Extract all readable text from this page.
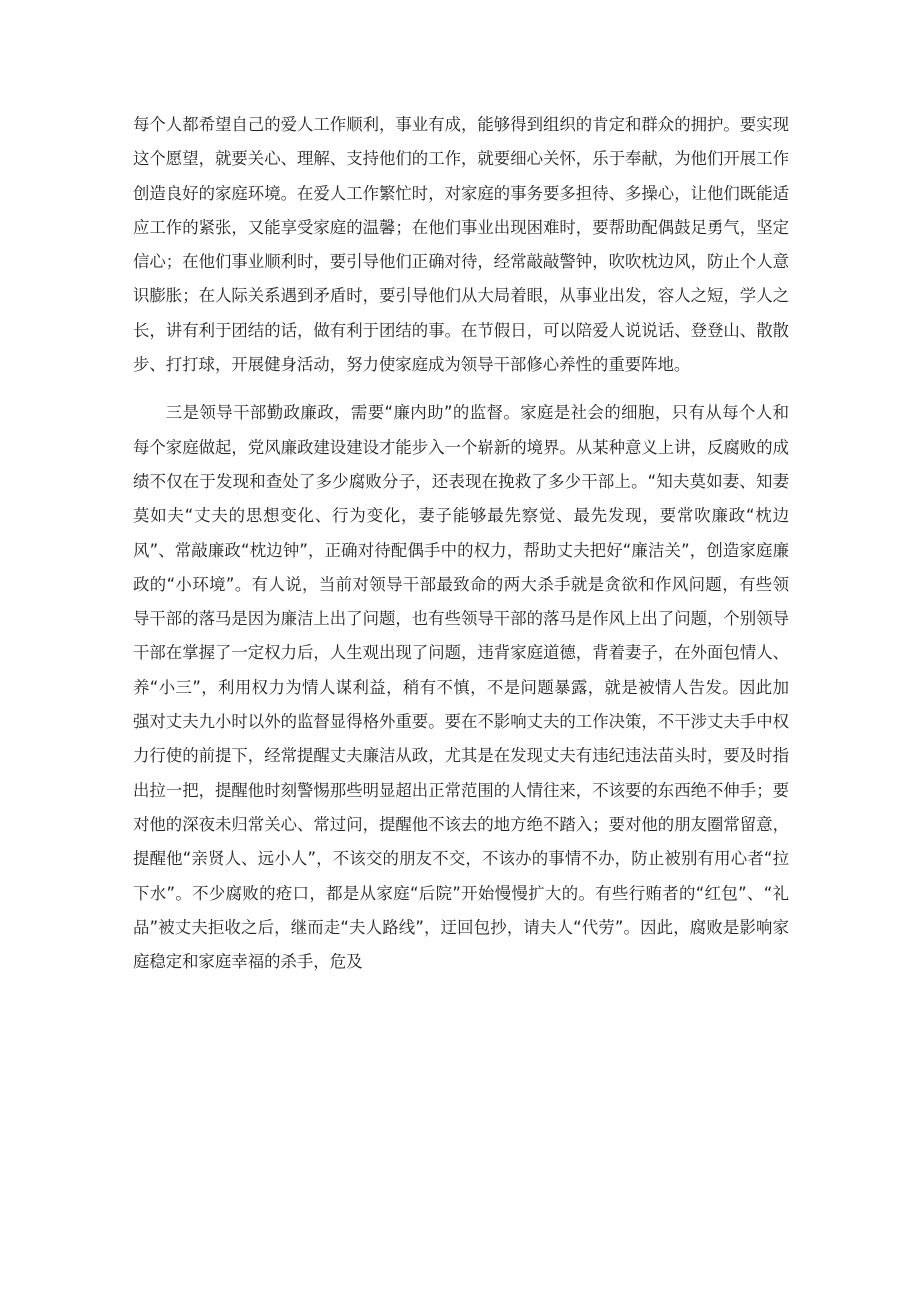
每个人都希望自己的爱人工作顺利，事业有成，能够得到组织的肯定和群众的拥护。要实现这个愿望，就要关心、理解、支持他们的工作，就要细心关怀，乐于奉献，为他们开展工作创造良好的家庭环境。在爱人工作繁忙时，对家庭的事务要多担待、多操心，让他们既能适应工作的紧张，又能享受家庭的温馨；在他们事业出现困难时，要帮助配偶鼓足勇气，坚定信心；在他们事业顺利时，要引导他们正确对待，经常敲敲警钟，吹吹枕边风，防止个人意识膨胀；在人际关系遇到矛盾时，要引导他们从大局着眼，从事业出发，容人之短，学人之长，讲有利于团结的话，做有利于团结的事。在节假日，可以陪爱人说说话、登登山、散散步、打打球，开展健身活动，努力使家庭成为领导干部修心养性的重要阵地。

三是领导干部勤政廉政，需要“廉内助”的监督。家庭是社会的细胞，只有从每个人和每个家庭做起，党风廉政建设建设才能步入一个崭新的境界。从某种意义上讲，反腐败的成绩不仅在于发现和查处了多少腐败分子，还表现在挽救了多少干部上。“知夫莫如妻、知妻莫如夫“丈夫的思想变化、行为变化，妻子能够最先察觉、最先发现，要常吹廉政“枕边风”、常敲廉政“枕边钟”，正确对待配偶手中的权力，帮助丈夫把好“廉洁关”，创造家庭廉政的“小环境”。有人说，当前对领导干部最致命的两大杀手就是贪欲和作风问题，有些领导干部的落马是因为廉洁上出了问题，也有些领导干部的落马是作风上出了问题，个别领导干部在掌握了一定权力后，人生观出现了问题，违背家庭道德，背着妻子，在外面包情人、养“小三”，利用权力为情人谋利益，稍有不慎，不是问题暴露，就是被情人告发。因此加强对丈夫九小时以外的监督显得格外重要。要在不影响丈夫的工作决策，不干涉丈夫手中权力行使的前提下，经常提醒丈夫廉洁从政，尤其是在发现丈夫有违纪违法苗头时，要及时指出拉一把，提醒他时刻警惕那些明显超出正常范围的人情往来，不该要的东西绝不伸手；要对他的深夜未归常关心、常过问，提醒他不该去的地方绝不踏入；要对他的朋友圈常留意，提醒他“亲贤人、远小人”，不该交的朋友不交，不该办的事情不办，防止被别有用心者“拉下水”。不少腐败的疮口，都是从家庭“后院”开始慢慢扩大的。有些行贿者的“红包”、“礼品”被丈夫拒收之后，继而走“夫人路线”，迂回包抄，请夫人“代劳”。因此，腐败是影响家庭稳定和家庭幸福的杀手，危及
